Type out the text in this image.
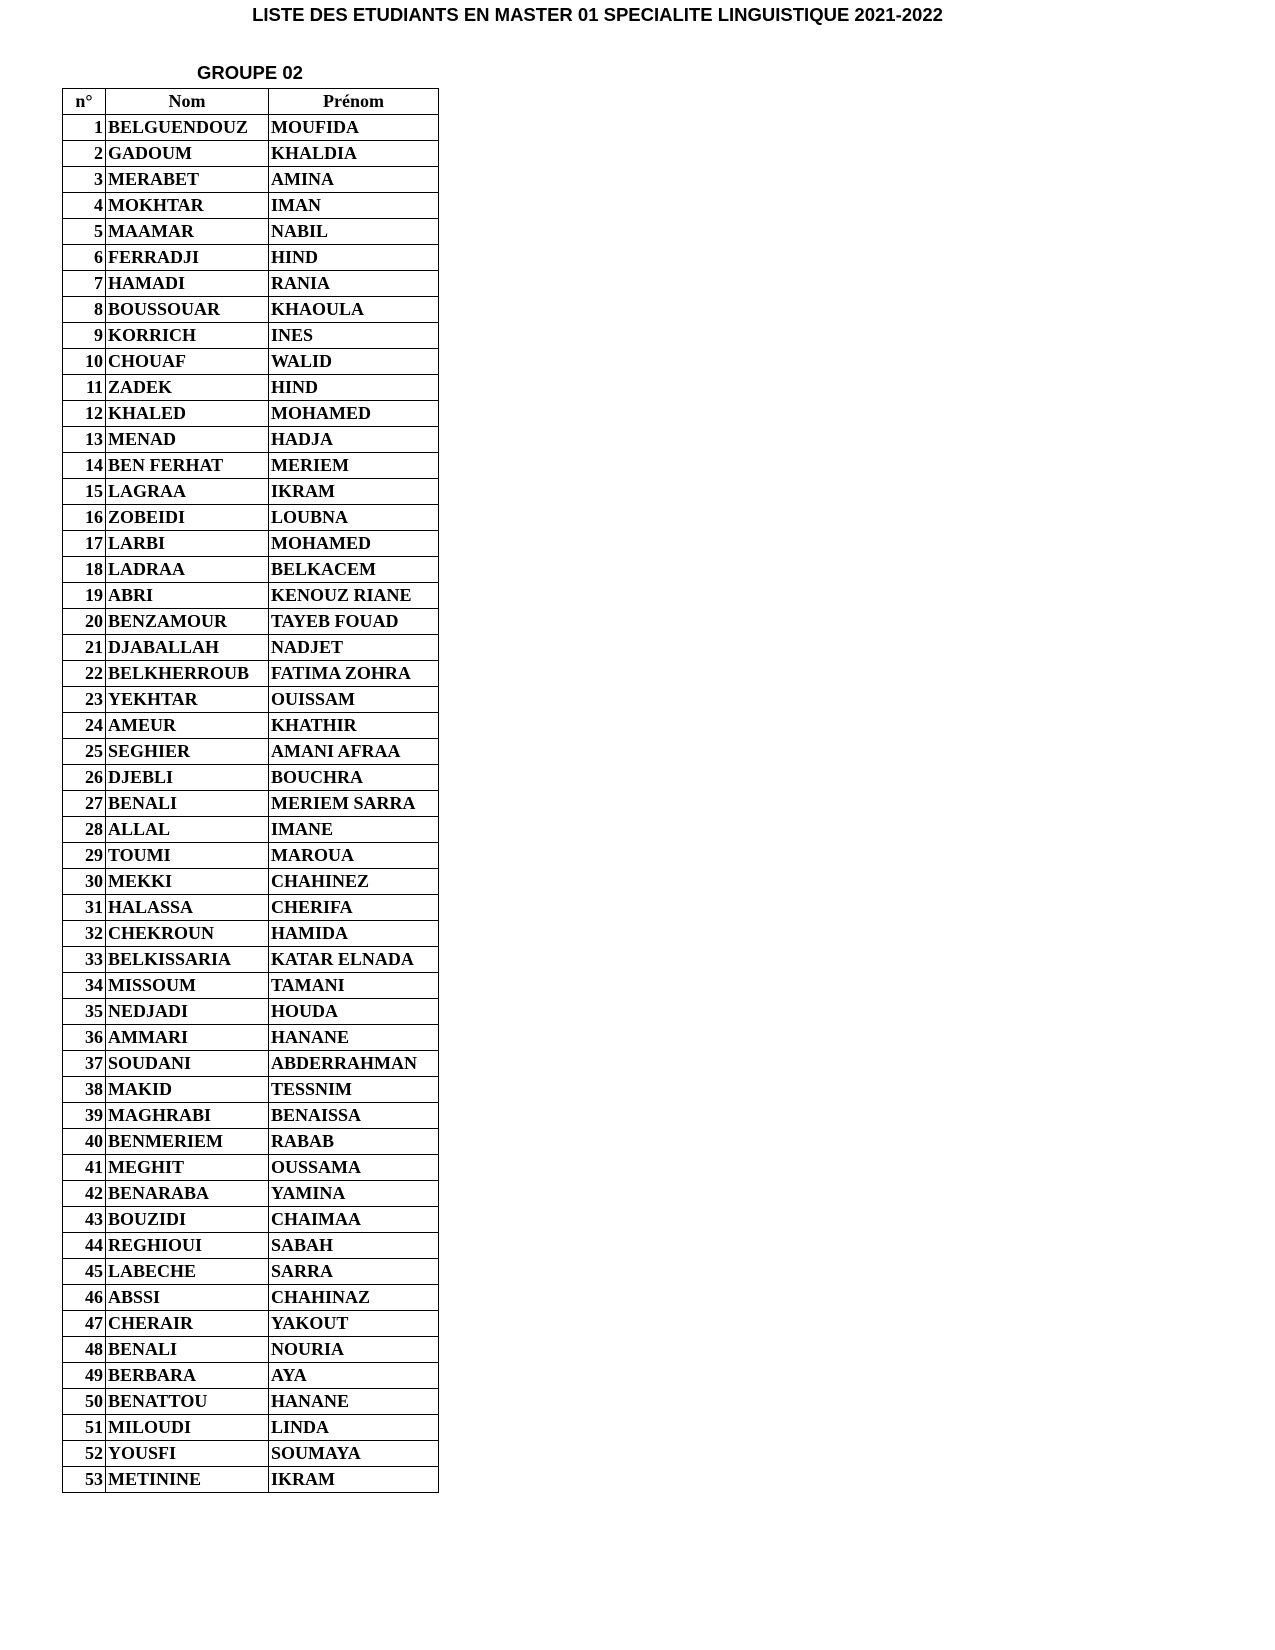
LISTE DES ETUDIANTS EN MASTER 01 SPECIALITE LINGUISTIQUE 2021-2022
GROUPE 02
n°	Nom	Prénom
1	BELGUENDOUZ	MOUFIDA
2	GADOUM	KHALDIA
3	MERABET	AMINA
4	MOKHTAR	IMAN
5	MAAMAR	NABIL
6	FERRADJI	HIND
7	HAMADI	RANIA
8	BOUSSOUAR	KHAOULA
9	KORRICH	INES
10	CHOUAF	WALID
11	ZADEK	HIND
12	KHALED	MOHAMED
13	MENAD	HADJA
14	BEN FERHAT	MERIEM
15	LAGRAA	IKRAM
16	ZOBEIDI	LOUBNA
17	LARBI	MOHAMED
18	LADRAA	BELKACEM
19	ABRI	KENOUZ RIANE
20	BENZAMOUR	TAYEB FOUAD
21	DJABALLAH	NADJET
22	BELKHERROUB	FATIMA ZOHRA
23	YEKHTAR	OUISSAM
24	AMEUR	KHATHIR
25	SEGHIER	AMANI AFRAA
26	DJEBLI	BOUCHRA
27	BENALI	MERIEM SARRA
28	ALLAL	IMANE
29	TOUMI	MAROUA
30	MEKKI	CHAHINEZ
31	HALASSA	CHERIFA
32	CHEKROUN	HAMIDA
33	BELKISSARIA	KATAR ELNADA
34	MISSOUM	TAMANI
35	NEDJADI	HOUDA
36	AMMARI	HANANE
37	SOUDANI	ABDERRAHMAN
38	MAKID	TESSNIM
39	MAGHRABI	BENAISSA
40	BENMERIEM	RABAB
41	MEGHIT	OUSSAMA
42	BENARABA	YAMINA
43	BOUZIDI	CHAIMAA
44	REGHIOUI	SABAH
45	LABECHE	SARRA
46	ABSSI	CHAHINAZ
47	CHERAIR	YAKOUT
48	BENALI	NOURIA
49	BERBARA	AYA
50	BENATTOU	HANANE
51	MILOUDI	LINDA
52	YOUSFI	SOUMAYA
53	METININE	IKRAM
